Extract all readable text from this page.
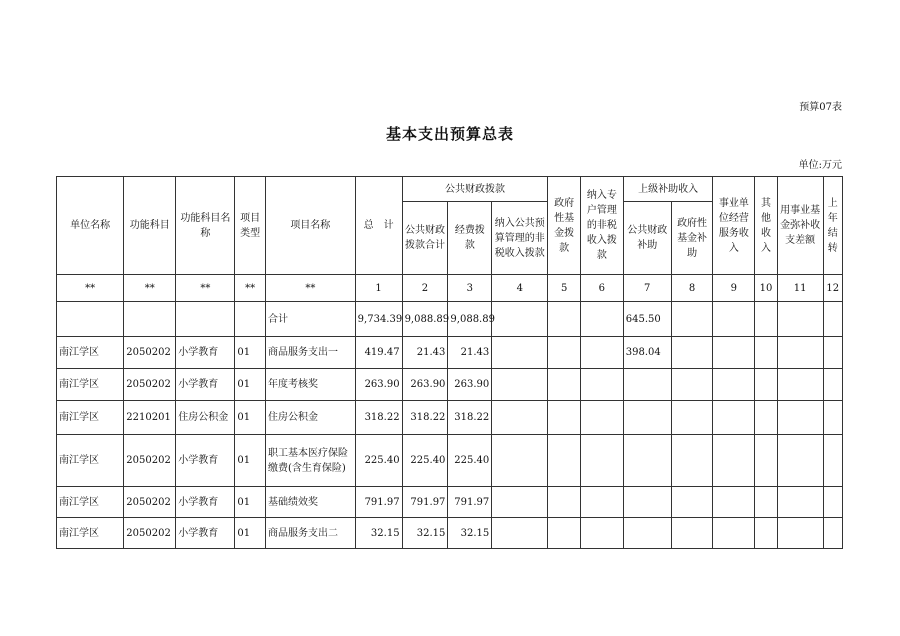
预算07表
基本支出预算总表
单位:万元
单位名称	功能科目	功能科目名称	项目类型	项目名称	总　计	公共财政拨款			政府性基金拨款	纳入专户管理的非税收入拨款	上级补助收入		事业单位经营服务收入	其他收入	用事业基金弥补收支差额	上年结转
						公共财政拨款合计	经费拨款	纳入公共预算管理的非税收入拨款			公共财政补助	政府性基金补助				
**	**	**	**	**	1	2	3	4	5	6	7	8	9	10	11	12
				合计	9,734.39	9,088.89	9,088.89				645.50					
南江学区	2050202	小学教育	01	商品服务支出一	419.47	21.43	21.43				398.04					
南江学区	2050202	小学教育	01	年度考核奖	263.90	263.90	263.90									
南江学区	2210201	住房公积金	01	住房公积金	318.22	318.22	318.22									
南江学区	2050202	小学教育	01	职工基本医疗保险缴费(含生育保险)	225.40	225.40	225.40									
南江学区	2050202	小学教育	01	基础绩效奖	791.97	791.97	791.97									
南江学区	2050202	小学教育	01	商品服务支出二	32.15	32.15	32.15									
